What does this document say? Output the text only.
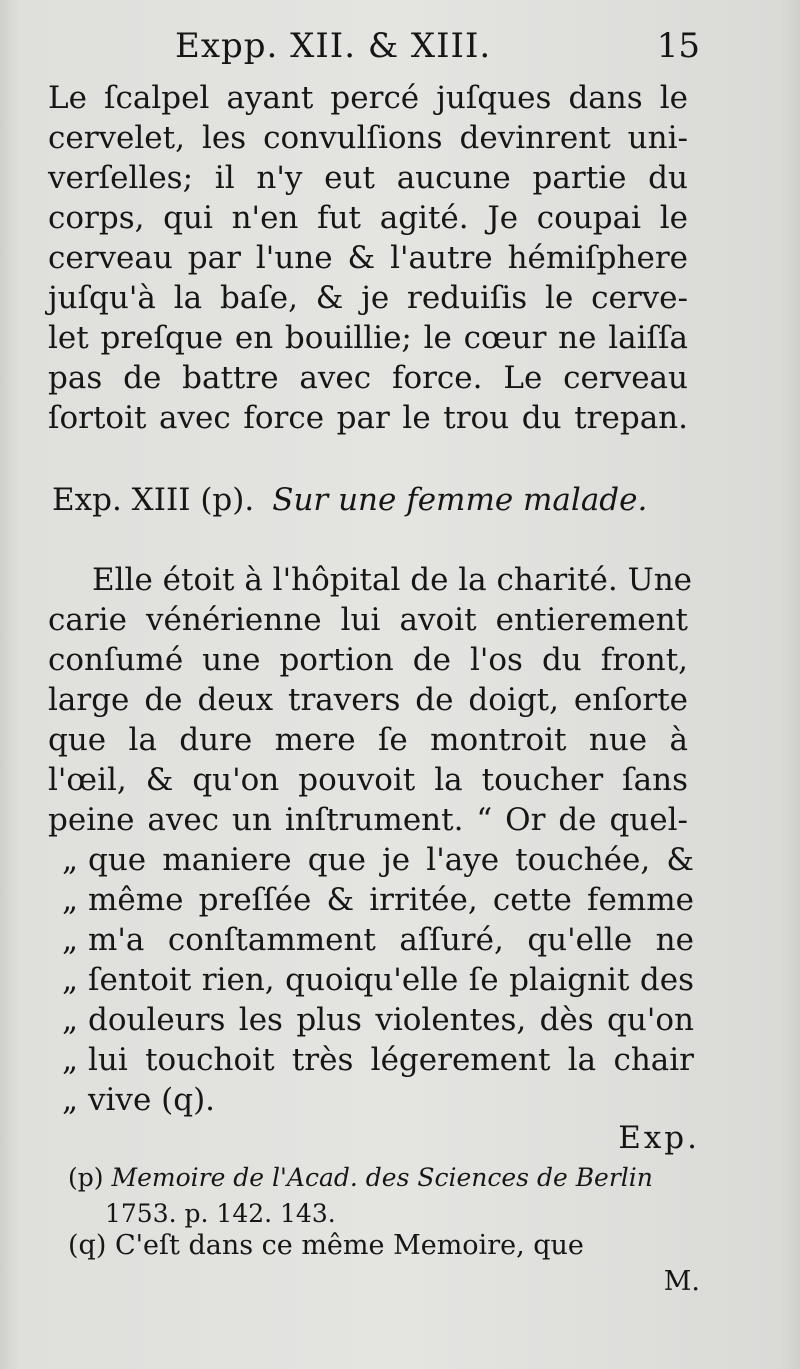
Expp. XII. & XIII.	15
Le ſcalpel ayant percé juſques dans le
cervelet, les convulſions devinrent uni-
verſelles; il n'y eut aucune partie du
corps, qui n'en fut agité. Je coupai le
cerveau par l'une & l'autre hémiſphere
juſqu'à la baſe, & je reduiſis le cerve-
let preſque en bouillie; le cœur ne laiſſa
pas de battre avec force. Le cerveau
ſortoit avec force par le trou du trepan.
Exp. XIII (p). Sur une femme malade.
Elle étoit à l'hôpital de la charité. Une
carie vénérienne lui avoit entierement
conſumé une portion de l'os du front,
large de deux travers de doigt, enſorte
que la dure mere ſe montroit nue à
l'œil, & qu'on pouvoit la toucher ſans
peine avec un inſtrument. “ Or de quel-
„ que maniere que je l'aye touchée, &
„ même preſſée & irritée, cette femme
„ m'a conſtamment aſſuré, qu'elle ne
„ ſentoit rien, quoiqu'elle ſe plaignit des
„ douleurs les plus violentes, dès qu'on
„ lui touchoit très légerement la chair
„ vive (q).
Exp.
(p) Memoire de l'Acad. des Sciences de Berlin
1753. p. 142. 143.
(q) C'eſt dans ce même Memoire, que
M.
